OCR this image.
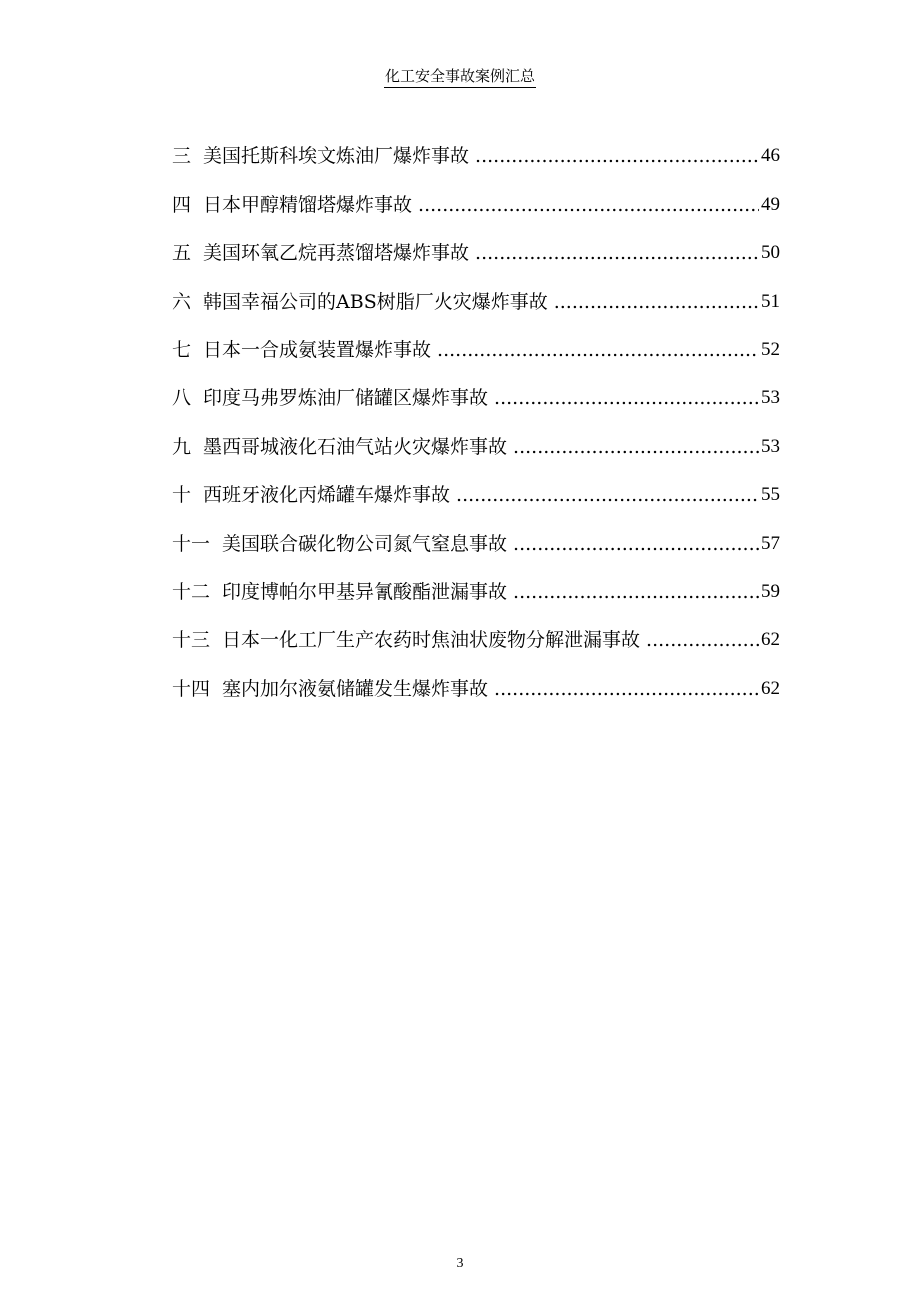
化工安全事故案例汇总
三 美国托斯科埃文炼油厂爆炸事故 .....	46
四 日本甲醇精馏塔爆炸事故 .....	49
五 美国环氧乙烷再蒸馏塔爆炸事故 .....	50
六 韩国幸福公司的ABS树脂厂火灾爆炸事故 .....	51
七 日本一合成氨装置爆炸事故 .....	52
八 印度马弗罗炼油厂储罐区爆炸事故 .....	53
九 墨西哥城液化石油气站火灾爆炸事故 .....	53
十 西班牙液化丙烯罐车爆炸事故 .....	55
十一 美国联合碳化物公司氮气窒息事故 .....	57
十二 印度博帕尔甲基异氰酸酯泄漏事故 .....	59
十三 日本一化工厂生产农药时焦油状废物分解泄漏事故 .....	62
十四 塞内加尔液氨储罐发生爆炸事故 .....	62
3
